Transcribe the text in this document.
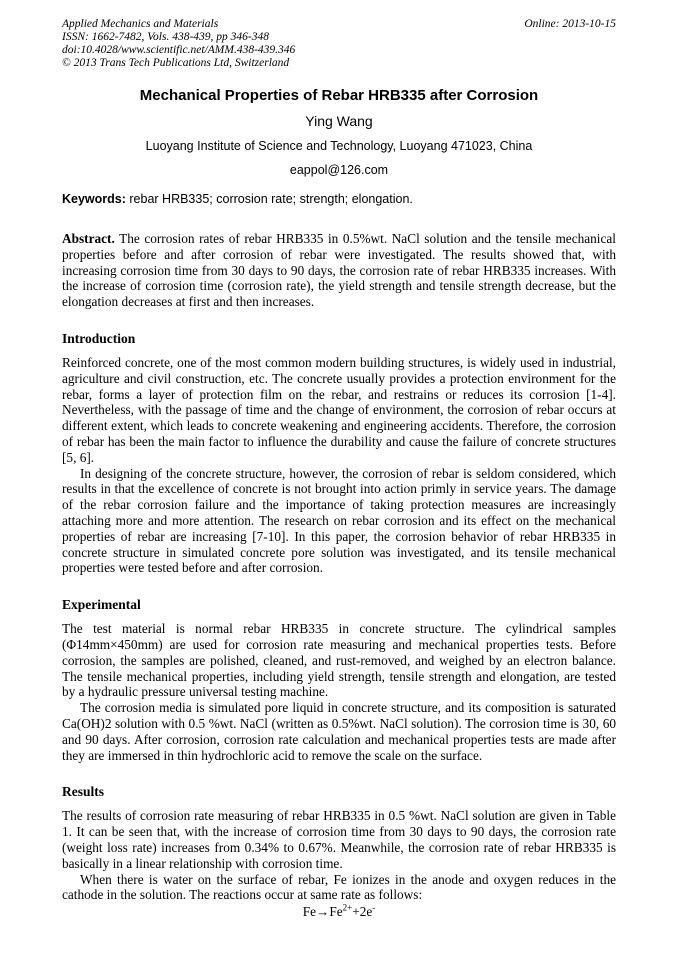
Applied Mechanics and Materials
ISSN: 1662-7482, Vols. 438-439, pp 346-348
doi:10.4028/www.scientific.net/AMM.438-439.346
© 2013 Trans Tech Publications Ltd, Switzerland
Online: 2013-10-15
Mechanical Properties of Rebar HRB335 after Corrosion
Ying Wang
Luoyang Institute of Science and Technology, Luoyang 471023, China
eappol@126.com
Keywords: rebar HRB335; corrosion rate; strength; elongation.

Abstract. The corrosion rates of rebar HRB335 in 0.5%wt. NaCl solution and the tensile mechanical properties before and after corrosion of rebar were investigated. The results showed that, with increasing corrosion time from 30 days to 90 days, the corrosion rate of rebar HRB335 increases. With the increase of corrosion time (corrosion rate), the yield strength and tensile strength decrease, but the elongation decreases at first and then increases.

Introduction

Reinforced concrete, one of the most common modern building structures, is widely used in industrial, agriculture and civil construction, etc. The concrete usually provides a protection environment for the rebar, forms a layer of protection film on the rebar, and restrains or reduces its corrosion [1-4]. Nevertheless, with the passage of time and the change of environment, the corrosion of rebar occurs at different extent, which leads to concrete weakening and engineering accidents. Therefore, the corrosion of rebar has been the main factor to influence the durability and cause the failure of concrete structures [5, 6].

In designing of the concrete structure, however, the corrosion of rebar is seldom considered, which results in that the excellence of concrete is not brought into action primly in service years. The damage of the rebar corrosion failure and the importance of taking protection measures are increasingly attaching more and more attention. The research on rebar corrosion and its effect on the mechanical properties of rebar are increasing [7-10]. In this paper, the corrosion behavior of rebar HRB335 in concrete structure in simulated concrete pore solution was investigated, and its tensile mechanical properties were tested before and after corrosion.

Experimental

The test material is normal rebar HRB335 in concrete structure. The cylindrical samples (Φ14mm×450mm) are used for corrosion rate measuring and mechanical properties tests. Before corrosion, the samples are polished, cleaned, and rust-removed, and weighed by an electron balance. The tensile mechanical properties, including yield strength, tensile strength and elongation, are tested by a hydraulic pressure universal testing machine.

The corrosion media is simulated pore liquid in concrete structure, and its composition is saturated Ca(OH)2 solution with 0.5 %wt. NaCl (written as 0.5%wt. NaCl solution). The corrosion time is 30, 60 and 90 days. After corrosion, corrosion rate calculation and mechanical properties tests are made after they are immersed in thin hydrochloric acid to remove the scale on the surface.

Results

The results of corrosion rate measuring of rebar HRB335 in 0.5 %wt. NaCl solution are given in Table 1. It can be seen that, with the increase of corrosion time from 30 days to 90 days, the corrosion rate (weight loss rate) increases from 0.34% to 0.67%. Meanwhile, the corrosion rate of rebar HRB335 is basically in a linear relationship with corrosion time.

When there is water on the surface of rebar, Fe ionizes in the anode and oxygen reduces in the cathode in the solution. The reactions occur at same rate as follows:

$Fe\to Fe^{2+}+2e^-$
